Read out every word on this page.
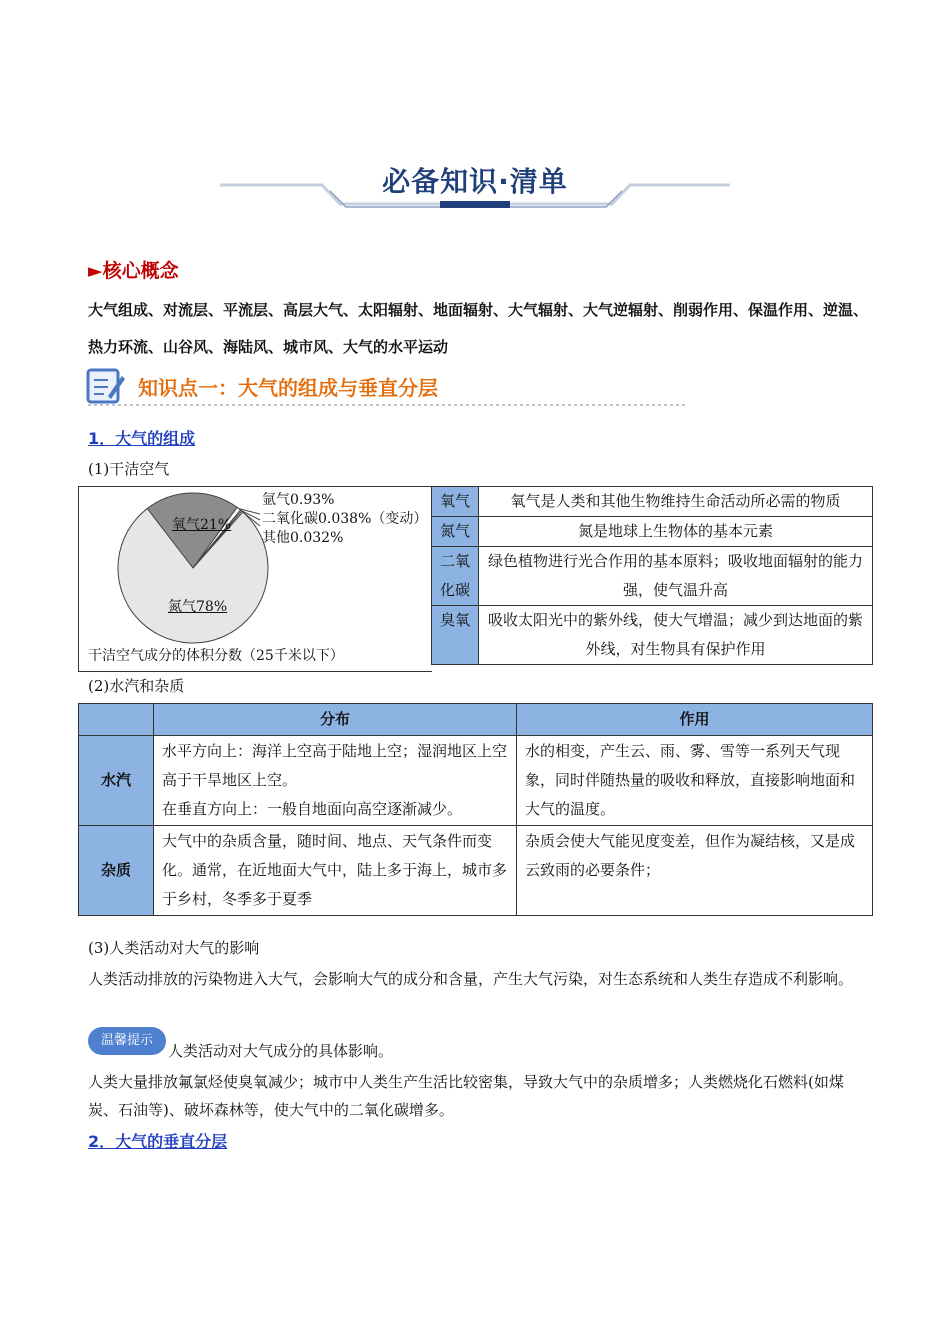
必备知识·清单
►核心概念
大气组成、对流层、平流层、高层大气、太阳辐射、地面辐射、大气辐射、大气逆辐射、削弱作用、保温作用、逆温、热力环流、山谷风、海陆风、城市风、大气的水平运动
知识点一：大气的组成与垂直分层
1．大气的组成
(1)干洁空气
氩气0.93%
二氧化碳0.038%（变动）
其他0.032%
氧气21%
氮气78%
干洁空气成分的体积分数（25千米以下）
氧气	氧气是人类和其他生物维持生命活动所必需的物质
氮气	氮是地球上生物体的基本元素

二氧
化碳	绿色植物进行光合作用的基本原料；吸收地面辐射的能力强，使气温升高
臭氧	吸收太阳光中的紫外线，使大气增温；减少到达地面的紫外线，对生物具有保护作用
(2)水汽和杂质
	分布	作用
水汽	水平方向上：海洋上空高于陆地上空；湿润地区上空高于干旱地区上空。
在垂直方向上：一般自地面向高空逐渐减少。	水的相变，产生云、雨、雾、雪等一系列天气现象，同时伴随热量的吸收和释放，直接影响地面和大气的温度。
杂质	大气中的杂质含量，随时间、地点、天气条件而变化。通常，在近地面大气中，陆上多于海上，城市多于乡村，冬季多于夏季	杂质会使大气能见度变差，但作为凝结核，又是成云致雨的必要条件；
(3)人类活动对大气的影响
人类活动排放的污染物进入大气，会影响大气的成分和含量，产生大气污染，对生态系统和人类生存造成不利影响。
温馨提示
人类活动对大气成分的具体影响。
人类大量排放氟氯烃使臭氧减少；城市中人类生产生活比较密集，导致大气中的杂质增多；人类燃烧化石燃料(如煤炭、石油等)、破坏森林等，使大气中的二氧化碳增多。
2．大气的垂直分层
